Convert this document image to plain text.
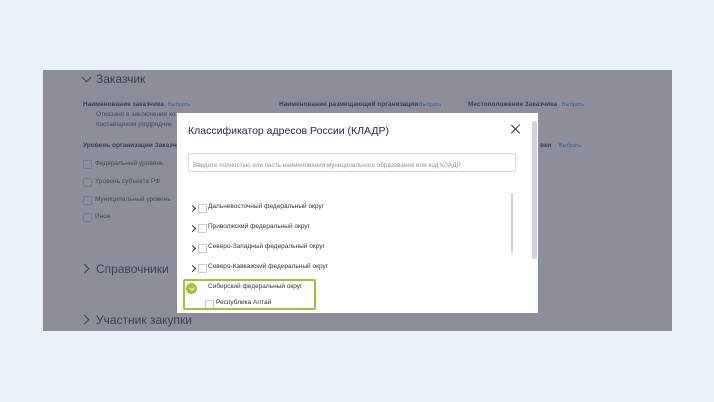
Классификатор адресов России (КЛАДР)
Введите полностью или часть наименования муниципального образования или код КЛАДР
Дальневосточный федеральный округ
Приволжский федеральный округ
Северо-Западный федеральный округ
Северо-Кавказский федеральный округ
Сибирский федеральный округ
Республика Алтай
